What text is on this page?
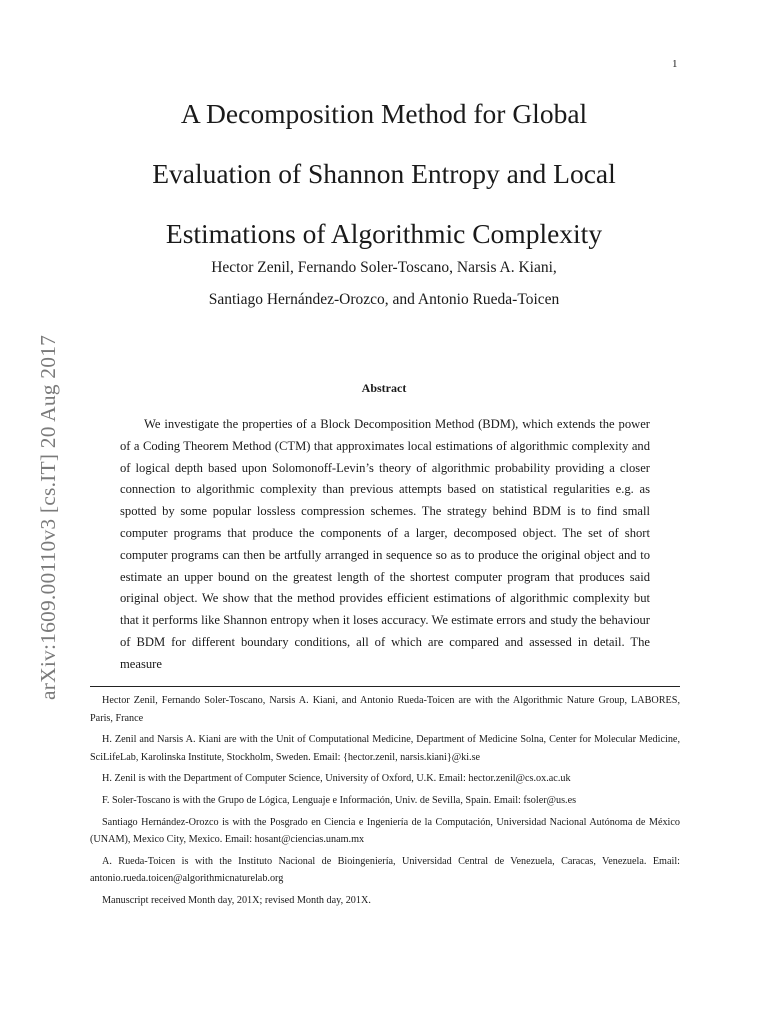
1
arXiv:1609.00110v3 [cs.IT] 20 Aug 2017
A Decomposition Method for Global
Evaluation of Shannon Entropy and Local
Estimations of Algorithmic Complexity
Hector Zenil, Fernando Soler-Toscano, Narsis A. Kiani,
Santiago Hernández-Orozco, and Antonio Rueda-Toicen
Abstract

We investigate the properties of a Block Decomposition Method (BDM), which extends the power of a Coding Theorem Method (CTM) that approximates local estimations of algorithmic complexity and of logical depth based upon Solomonoff-Levin’s theory of algorithmic probability providing a closer connection to algorithmic complexity than previous attempts based on statistical regularities e.g. as spotted by some popular lossless compression schemes. The strategy behind BDM is to find small computer programs that produce the components of a larger, decomposed object. The set of short computer programs can then be artfully arranged in sequence so as to produce the original object and to estimate an upper bound on the greatest length of the shortest computer program that produces said original object. We show that the method provides efficient estimations of algorithmic complexity but that it performs like Shannon entropy when it loses accuracy. We estimate errors and study the behaviour of BDM for different boundary conditions, all of which are compared and assessed in detail. The measure

Hector Zenil, Fernando Soler-Toscano, Narsis A. Kiani, and Antonio Rueda-Toicen are with the Algorithmic Nature Group, LABORES, Paris, France

H. Zenil and Narsis A. Kiani are with the Unit of Computational Medicine, Department of Medicine Solna, Center for Molecular Medicine, SciLifeLab, Karolinska Institute, Stockholm, Sweden. Email: {hector.zenil, narsis.kiani}@ki.se

H. Zenil is with the Department of Computer Science, University of Oxford, U.K. Email: hector.zenil@cs.ox.ac.uk

F. Soler-Toscano is with the Grupo de Lógica, Lenguaje e Información, Univ. de Sevilla, Spain. Email: fsoler@us.es

Santiago Hernández-Orozco is with the Posgrado en Ciencia e Ingeniería de la Computación, Universidad Nacional Autónoma de México (UNAM), Mexico City, Mexico. Email: hosant@ciencias.unam.mx

A. Rueda-Toicen is with the Instituto Nacional de Bioingeniería, Universidad Central de Venezuela, Caracas, Venezuela. Email: antonio.rueda.toicen@algorithmicnaturelab.org

Manuscript received Month day, 201X; revised Month day, 201X.
